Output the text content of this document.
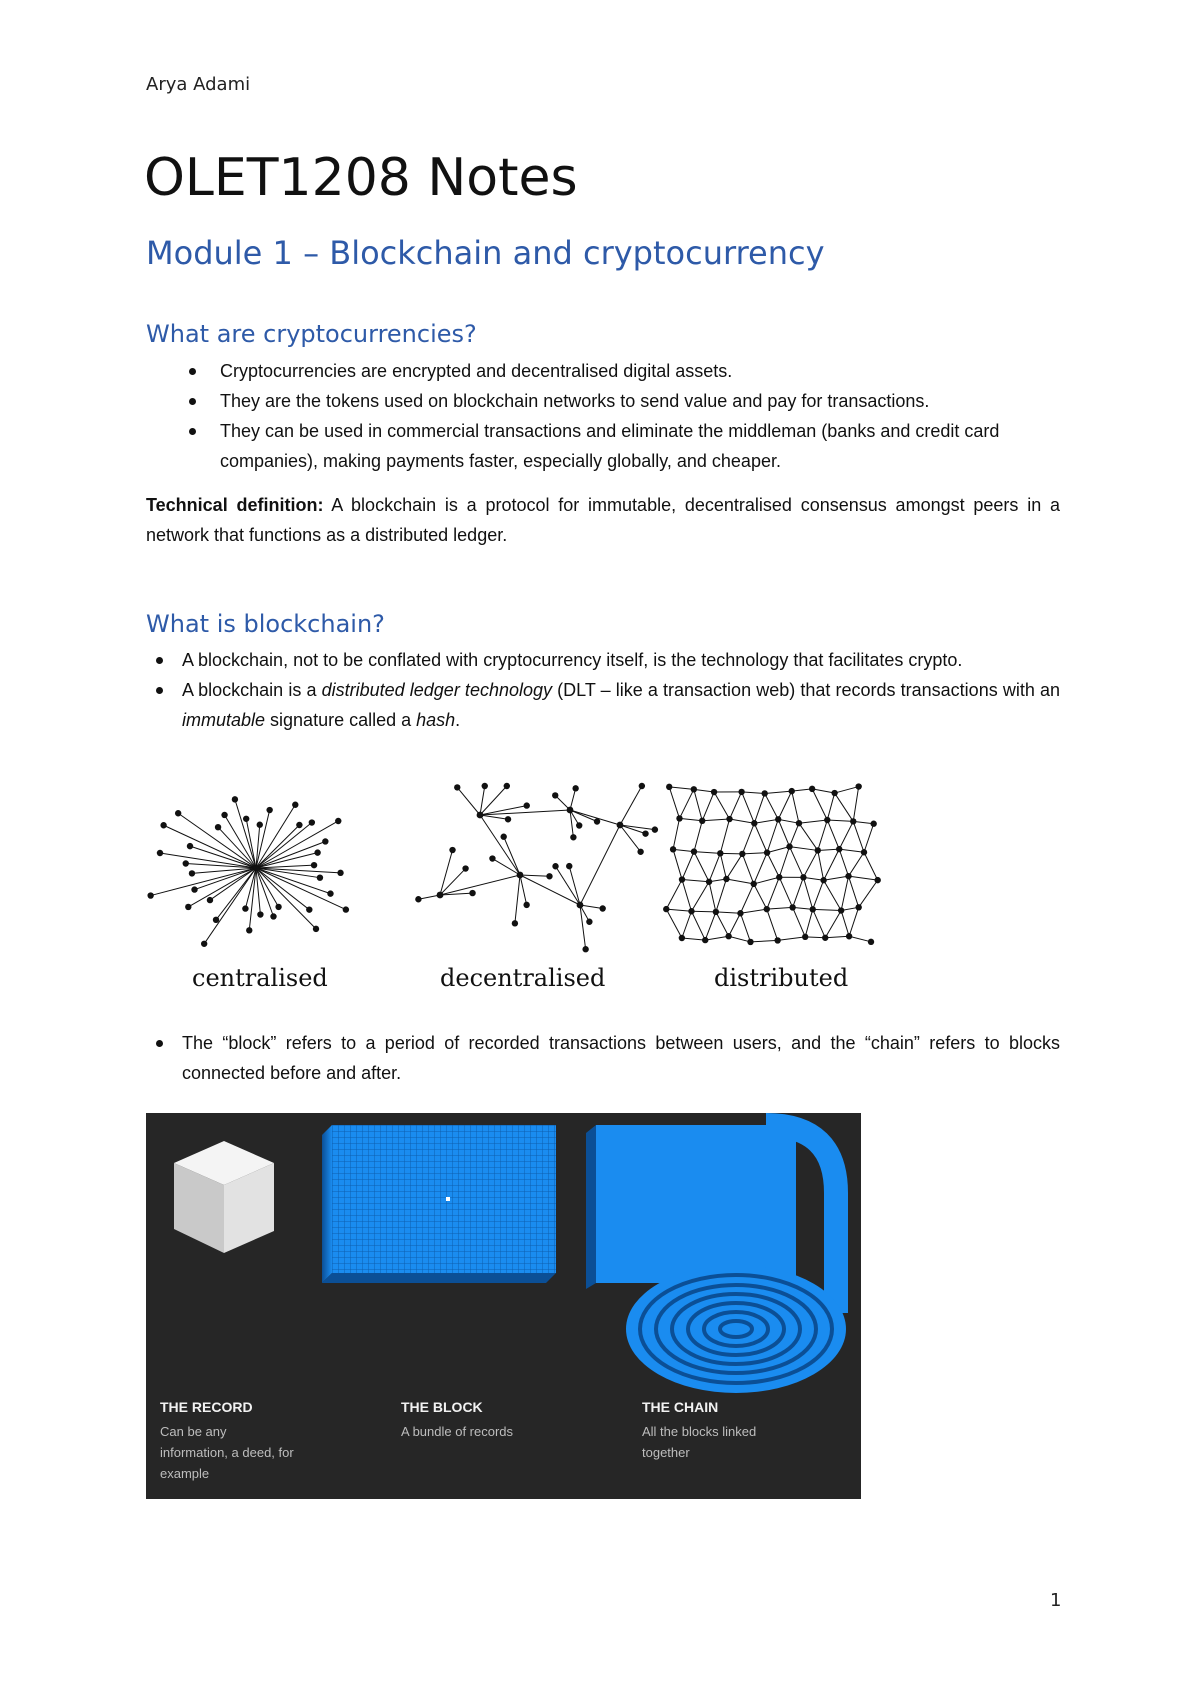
Arya Adami
OLET1208 Notes
Module 1 – Blockchain and cryptocurrency
What are cryptocurrencies?
Cryptocurrencies are encrypted and decentralised digital assets.
They are the tokens used on blockchain networks to send value and pay for transactions.
They can be used in commercial transactions and eliminate the middleman (banks and credit card companies), making payments faster, especially globally, and cheaper.

Technical definition: A blockchain is a protocol for immutable, decentralised consensus amongst peers in a network that functions as a distributed ledger.

What is blockchain?
A blockchain, not to be conflated with cryptocurrency itself, is the technology that facilitates crypto.
A blockchain is a distributed ledger technology (DLT – like a transaction web) that records transactions with an immutable signature called a hash.
centralised	decentralised	distributed
The “block” refers to a period of recorded transactions between users, and the “chain” refers to blocks connected before and after.
THE RECORD
Can be any
information, a deed, for
example
THE BLOCK
A bundle of records
THE CHAIN
All the blocks linked
together
1
